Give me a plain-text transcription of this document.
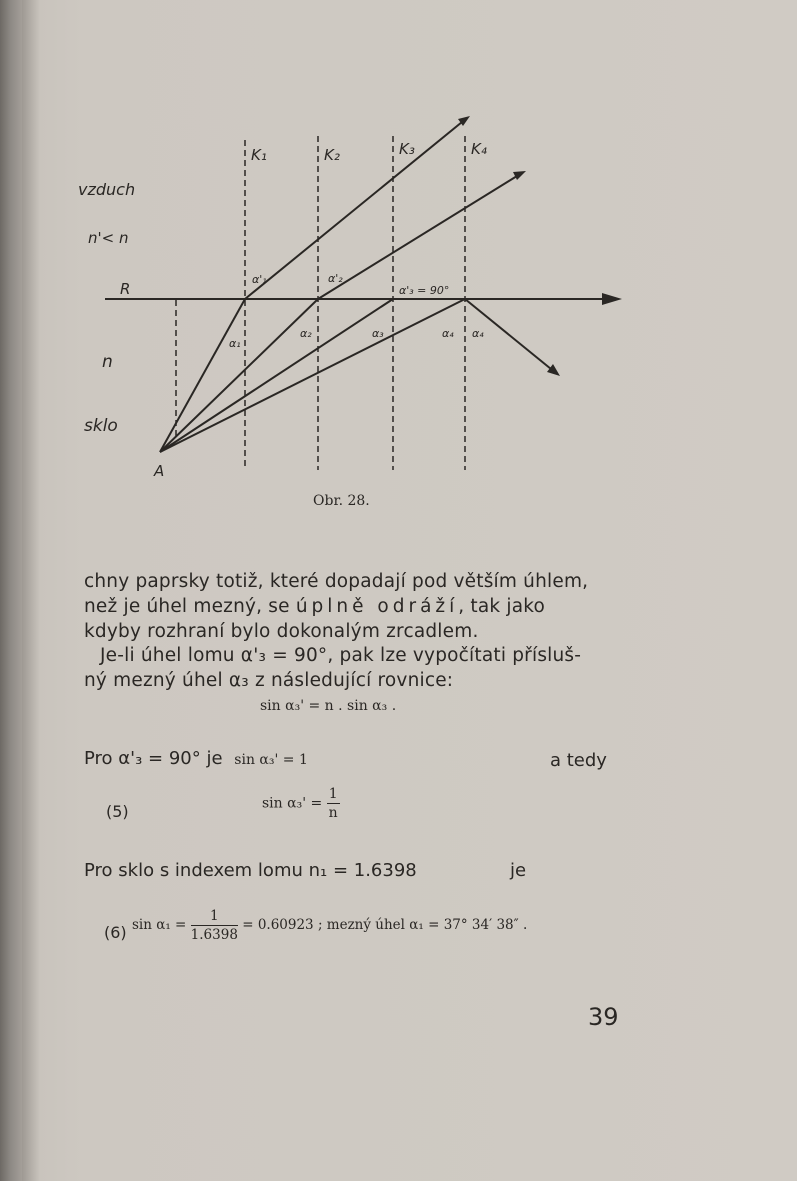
K₁	K₂	K₃	K₄
vzduch
n'< n
R
n
sklo
A
α'₁	α'₂
α'₃ = 90°
α₁
α₂	α₃	α₄ α₄
Obr. 28.
chny paprsky totiž, které dopadají pod větším úhlem,
než je úhel mezný, se úplně odráží, tak jako
kdyby rozhraní bylo dokonalým zrcadlem.
Je-li úhel lomu α'₃ = 90°, pak lze vypočítati přísluš-
ný mezný úhel α₃ z následující rovnice:
sin α₃' = n . sin α₃ .
Pro α'₃ = 90° je sin α₃' = 1	a tedy
(5)	$\sin \alpha_3' = \frac{1}{n}$
Pro sklo s indexem lomu n₁ = 1.6398	je
(6) $\sin \alpha_1 = \frac{1}{1.6398} = 0.60923$ ; mezný úhel α₁ = 37° 34′ 38″ .
39
